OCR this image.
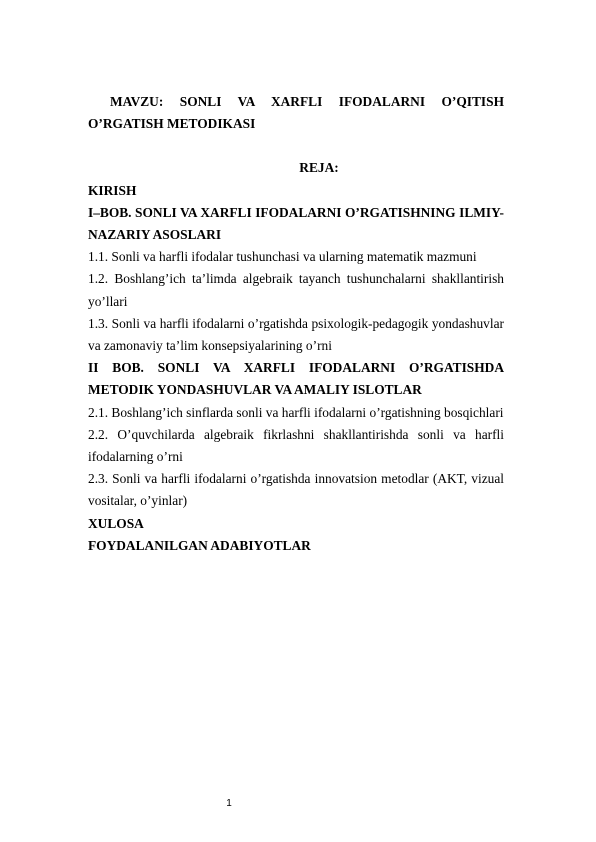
MAVZU: SONLI VA XARFLI IFODALARNI O’QITISH O’RGATISH METODIKASI

REJA:

KIRISH

I–BOB. SONLI VA XARFLI IFODALARNI O’RGATISHNING ILMIY-NAZARIY ASOSLARI

1.1. Sonli va harfli ifodalar tushunchasi va ularning matematik mazmuni

1.2. Boshlang’ich ta’limda algebraik tayanch tushunchalarni shakllantirish yo’llari

1.3. Sonli va harfli ifodalarni o’rgatishda psixologik-pedagogik yondashuvlar va zamonaviy ta’lim konsepsiyalarining o’rni

II BOB. SONLI VA XARFLI IFODALARNI O’RGATISHDA METODIK YONDASHUVLAR VA AMALIY ISLOTLAR

2.1. Boshlang’ich sinflarda sonli va harfli ifodalarni o’rgatishning bosqichlari

2.2. O’quvchilarda algebraik fikrlashni shakllantirishda sonli va harfli ifodalarning o’rni

2.3. Sonli va harfli ifodalarni o’rgatishda innovatsion metodlar (AKT, vizual vositalar, o’yinlar)

XULOSA

FOYDALANILGAN ADABIYOTLAR

1
